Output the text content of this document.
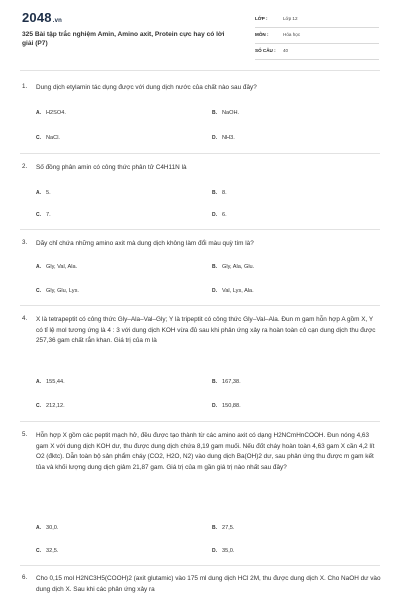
2048.vn
325 Bài tập trắc nghiệm Amin, Amino axit, Protein cực hay có lời giải (P7)
LỚP :	Lớp 12
MÔN :	Hóa học
SỐ CÂU : 40
1. Dung dịch etylamin tác dụng được với dung dịch nước của chất nào sau đây?
A. H2SO4.	B. NaOH.
C. NaCl.	D. NH3.
2. Số đồng phân amin có công thức phân tử C4H11N là
A. 5.	B. 8.
C. 7.	D. 6.
3. Dãy chỉ chứa những amino axit mà dung dịch không làm đổi màu quỳ tím là?
A. Gly, Val, Ala.	B. Gly, Ala, Glu.
C. Gly, Glu, Lys.	D. Val, Lys, Ala.
4. X là tetrapeptit có công thức Gly–Ala–Val–Gly; Y là tripeptit có công thức Gly–Val–Ala. Đun m gam hỗn hợp A gồm X, Y có tỉ lệ mol tương ứng là 4 : 3 với dung dịch KOH vừa đủ sau khi phản ứng xảy ra hoàn toàn cô cạn dung dịch thu được 257,36 gam chất rắn khan. Giá trị của m là
A. 155,44.	B. 167,38.
C. 212,12.	D. 150,88.
5. Hỗn hợp X gồm các peptit mạch hở, đều được tạo thành từ các amino axit có dạng H2NCmHnCOOH. Đun nóng 4,63 gam X với dung dịch KOH dư, thu được dung dịch chứa 8,19 gam muối. Nếu đốt cháy hoàn toàn 4,63 gam X cần 4,2 lít O2 (đktc). Dẫn toàn bộ sản phẩm cháy (CO2, H2O, N2) vào dung dịch Ba(OH)2 dư, sau phản ứng thu được m gam kết tủa và khối lượng dung dịch giảm 21,87 gam. Giá trị của m gần giá trị nào nhất sau đây?
A. 30,0.	B. 27,5.
C. 32,5.	D. 35,0.
6. Cho 0,15 mol H2NC3H5(COOH)2 (axit glutamic) vào 175 ml dung dịch HCl 2M, thu được dung dịch X. Cho NaOH dư vào dung dịch X. Sau khi các phản ứng xảy ra
